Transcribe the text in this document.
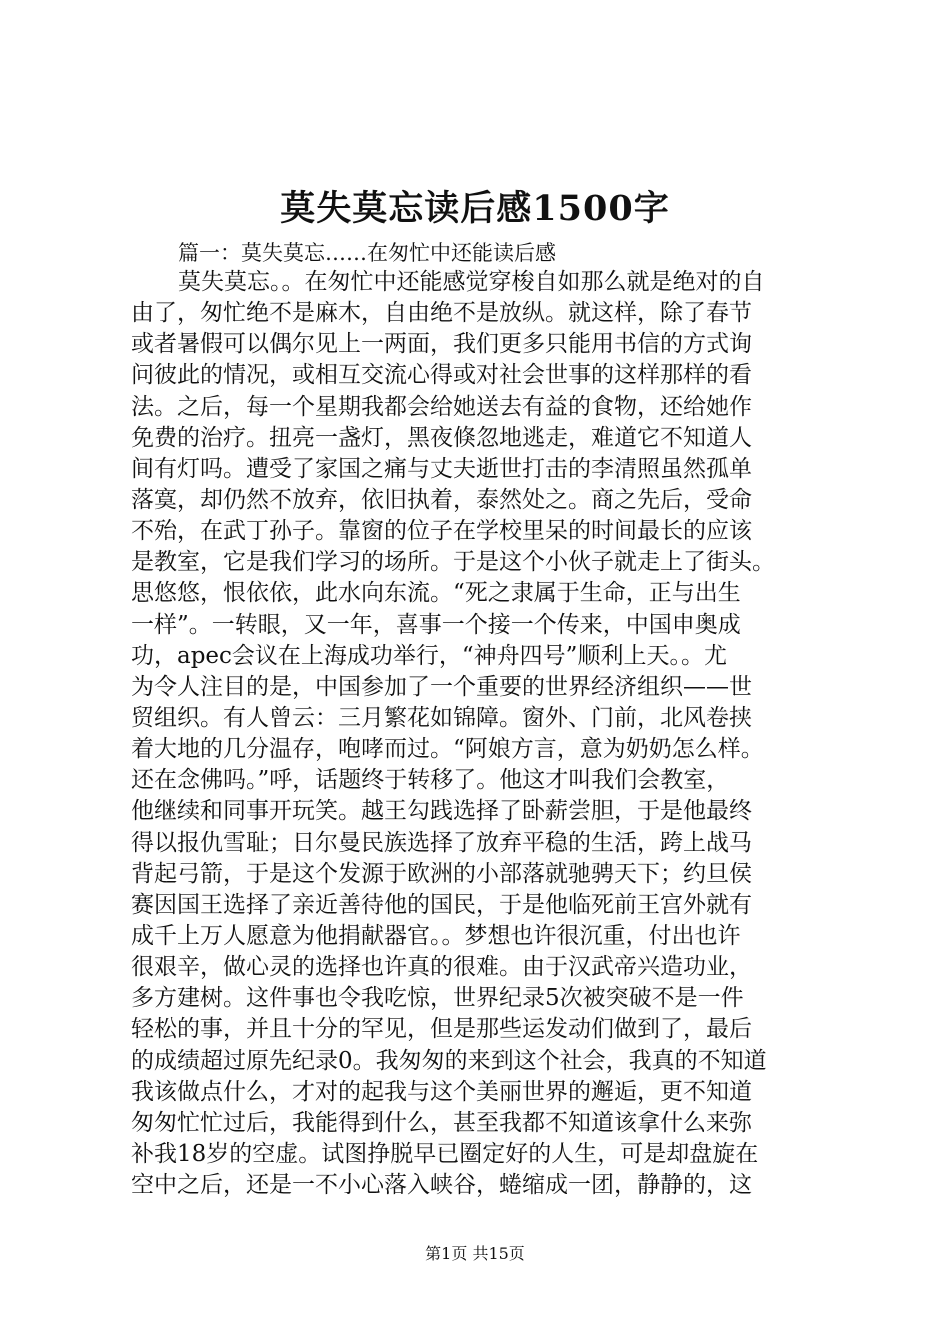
莫失莫忘读后感1500字
篇一：莫失莫忘……在匆忙中还能读后感
莫失莫忘。。在匆忙中还能感觉穿梭自如那么就是绝对的自
由了，匆忙绝不是麻木，自由绝不是放纵。就这样，除了春节
或者暑假可以偶尔见上一两面，我们更多只能用书信的方式询
问彼此的情况，或相互交流心得或对社会世事的这样那样的看
法。之后，每一个星期我都会给她送去有益的食物，还给她作
免费的治疗。扭亮一盏灯，黑夜倏忽地逃走，难道它不知道人
间有灯吗。遭受了家国之痛与丈夫逝世打击的李清照虽然孤单
落寞，却仍然不放弃，依旧执着，泰然处之。商之先后，受命
不殆，在武丁孙子。靠窗的位子在学校里呆的时间最长的应该
是教室，它是我们学习的场所。于是这个小伙子就走上了街头。
思悠悠，恨依依，此水向东流。“死之隶属于生命，正与出生
一样”。一转眼，又一年，喜事一个接一个传来，中国申奥成
功，apec会议在上海成功举行，“神舟四号”顺利上天。。尤
为令人注目的是，中国参加了一个重要的世界经济组织——世
贸组织。有人曾云：三月繁花如锦障。窗外、门前，北风卷挟
着大地的几分温存，咆哮而过。“阿娘方言，意为奶奶怎么样。
还在念佛吗。”呼，话题终于转移了。他这才叫我们会教室，
他继续和同事开玩笑。越王勾践选择了卧薪尝胆，于是他最终
得以报仇雪耻；日尔曼民族选择了放弃平稳的生活，跨上战马
背起弓箭，于是这个发源于欧洲的小部落就驰骋天下；约旦侯
赛因国王选择了亲近善待他的国民，于是他临死前王宫外就有
成千上万人愿意为他捐献器官。。梦想也许很沉重，付出也许
很艰辛，做心灵的选择也许真的很难。由于汉武帝兴造功业，
多方建树。这件事也令我吃惊，世界纪录5次被突破不是一件
轻松的事，并且十分的罕见，但是那些运发动们做到了，最后
的成绩超过原先纪录0。我匆匆的来到这个社会，我真的不知道
我该做点什么，才对的起我与这个美丽世界的邂逅，更不知道
匆匆忙忙过后，我能得到什么，甚至我都不知道该拿什么来弥
补我18岁的空虚。试图挣脱早已圈定好的人生，可是却盘旋在
空中之后，还是一不小心落入峡谷，蜷缩成一团，静静的，这
第1页 共15页
